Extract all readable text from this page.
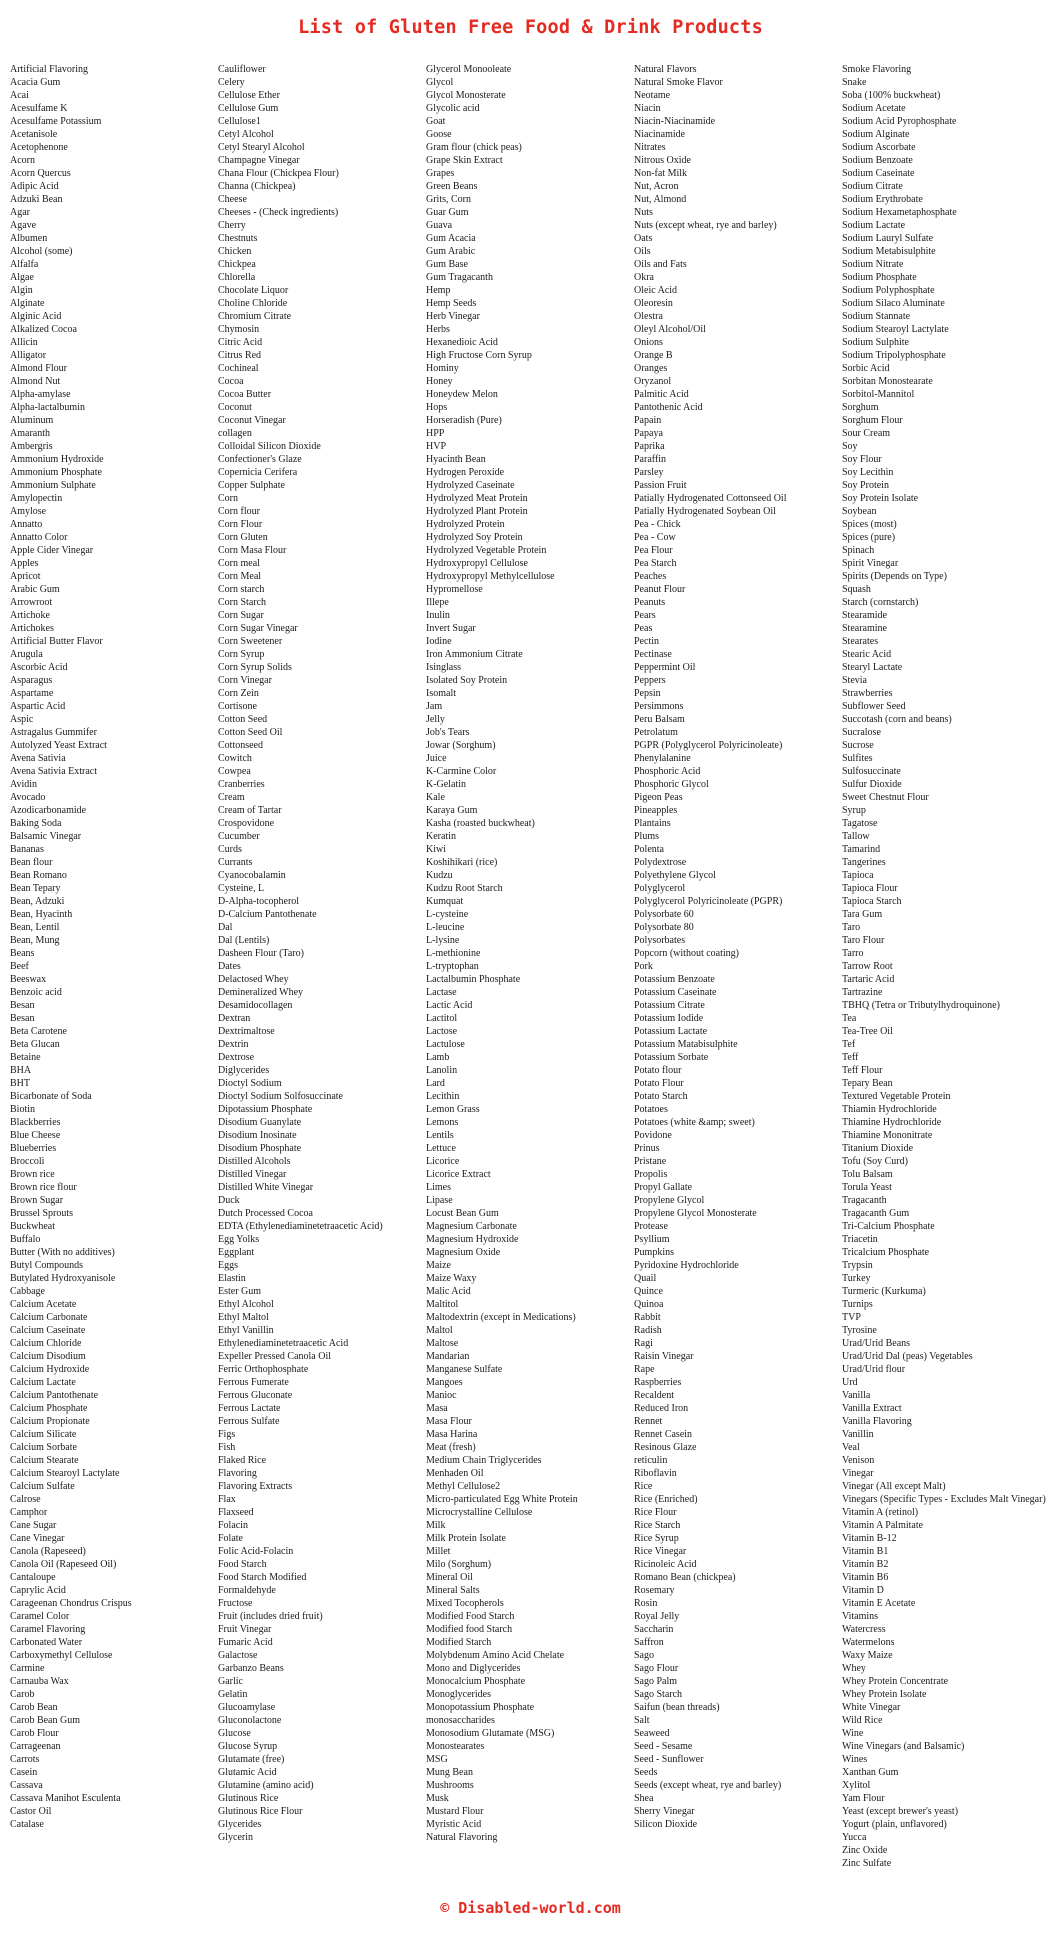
List of Gluten Free Food & Drink Products
Artificial Flavoring
Acacia Gum
Acai
Acesulfame K
Acesulfame Potassium
Acetanisole
Acetophenone
Acorn
Acorn Quercus
Adipic Acid
Adzuki Bean
Agar
Agave
Albumen
Alcohol (some)
Alfalfa
Algae
Algin
Alginate
Alginic Acid
Alkalized Cocoa
Allicin
Alligator
Almond Flour
Almond Nut
Alpha-amylase
Alpha-lactalbumin
Aluminum
Amaranth
Ambergris
Ammonium Hydroxide
Ammonium Phosphate
Ammonium Sulphate
Amylopectin
Amylose
Annatto
Annatto Color
Apple Cider Vinegar
Apples
Apricot
Arabic Gum
Arrowroot
Artichoke
Artichokes
Artificial Butter Flavor
Arugula
Ascorbic Acid
Asparagus
Aspartame
Aspartic Acid
Aspic
Astragalus Gummifer
Autolyzed Yeast Extract
Avena Sativia
Avena Sativia Extract
Avidin
Avocado
Azodicarbonamide
Baking Soda
Balsamic Vinegar
Bananas
Bean flour
Bean Romano
Bean Tepary
Bean, Adzuki
Bean, Hyacinth
Bean, Lentil
Bean, Mung
Beans
Beef
Beeswax
Benzoic acid
Besan
Besan
Beta Carotene
Beta Glucan
Betaine
BHA
BHT
Bicarbonate of Soda
Biotin
Blackberries
Blue Cheese
Blueberries
Broccoli
Brown rice
Brown rice flour
Brown Sugar
Brussel Sprouts
Buckwheat
Buffalo
Butter (With no additives)
Butyl Compounds
Butylated Hydroxyanisole
Cabbage
Calcium Acetate
Calcium Carbonate
Calcium Caseinate
Calcium Chloride
Calcium Disodium
Calcium Hydroxide
Calcium Lactate
Calcium Pantothenate
Calcium Phosphate
Calcium Propionate
Calcium Silicate
Calcium Sorbate
Calcium Stearate
Calcium Stearoyl Lactylate
Calcium Sulfate
Calrose
Camphor
Cane Sugar
Cane Vinegar
Canola (Rapeseed)
Canola Oil (Rapeseed Oil)
Cantaloupe
Caprylic Acid
Carageenan Chondrus Crispus
Caramel Color
Caramel Flavoring
Carbonated Water
Carboxymethyl Cellulose
Carmine
Carnauba Wax
Carob
Carob Bean
Carob Bean Gum
Carob Flour
Carrageenan
Carrots
Casein
Cassava
Cassava Manihot Esculenta
Castor Oil
Catalase
Cauliflower
Celery
Cellulose Ether
Cellulose Gum
Cellulose1
Cetyl Alcohol
Cetyl Stearyl Alcohol
Champagne Vinegar
Chana Flour (Chickpea Flour)
Channa (Chickpea)
Cheese
Cheeses - (Check ingredients)
Cherry
Chestnuts
Chicken
Chickpea
Chlorella
Chocolate Liquor
Choline Chloride
Chromium Citrate
Chymosin
Citric Acid
Citrus Red
Cochineal
Cocoa
Cocoa Butter
Coconut
Coconut Vinegar
collagen
Colloidal Silicon Dioxide
Confectioner's Glaze
Copernicia Cerifera
Copper Sulphate
Corn
Corn flour
Corn Flour
Corn Gluten
Corn Masa Flour
Corn meal
Corn Meal
Corn starch
Corn Starch
Corn Sugar
Corn Sugar Vinegar
Corn Sweetener
Corn Syrup
Corn Syrup Solids
Corn Vinegar
Corn Zein
Cortisone
Cotton Seed
Cotton Seed Oil
Cottonseed
Cowitch
Cowpea
Cranberries
Cream
Cream of Tartar
Crospovidone
Cucumber
Curds
Currants
Cyanocobalamin
Cysteine, L
D-Alpha-tocopherol
D-Calcium Pantothenate
Dal
Dal (Lentils)
Dasheen Flour (Taro)
Dates
Delactosed Whey
Demineralized Whey
Desamidocollagen
Dextran
Dextrimaltose
Dextrin
Dextrose
Diglycerides
Dioctyl Sodium
Dioctyl Sodium Solfosuccinate
Dipotassium Phosphate
Disodium Guanylate
Disodium Inosinate
Disodium Phosphate
Distilled Alcohols
Distilled Vinegar
Distilled White Vinegar
Duck
Dutch Processed Cocoa
EDTA (Ethylenediaminetetraacetic Acid)
Egg Yolks
Eggplant
Eggs
Elastin
Ester Gum
Ethyl Alcohol
Ethyl Maltol
Ethyl Vanillin
Ethylenediaminetetraacetic Acid
Expeller Pressed Canola Oil
Ferric Orthophosphate
Ferrous Fumerate
Ferrous Gluconate
Ferrous Lactate
Ferrous Sulfate
Figs
Fish
Flaked Rice
Flavoring
Flavoring Extracts
Flax
Flaxseed
Folacin
Folate
Folic Acid-Folacin
Food Starch
Food Starch Modified
Formaldehyde
Fructose
Fruit (includes dried fruit)
Fruit Vinegar
Fumaric Acid
Galactose
Garbanzo Beans
Garlic
Gelatin
Glucoamylase
Gluconolactone
Glucose
Glucose Syrup
Glutamate (free)
Glutamic Acid
Glutamine (amino acid)
Glutinous Rice
Glutinous Rice Flour
Glycerides
Glycerin
Glycerol Monooleate
Glycol
Glycol Monosterate
Glycolic acid
Goat
Goose
Gram flour (chick peas)
Grape Skin Extract
Grapes
Green Beans
Grits, Corn
Guar Gum
Guava
Gum Acacia
Gum Arabic
Gum Base
Gum Tragacanth
Hemp
Hemp Seeds
Herb Vinegar
Herbs
Hexanedioic Acid
High Fructose Corn Syrup
Hominy
Honey
Honeydew Melon
Hops
Horseradish (Pure)
HPP
HVP
Hyacinth Bean
Hydrogen Peroxide
Hydrolyzed Caseinate
Hydrolyzed Meat Protein
Hydrolyzed Plant Protein
Hydrolyzed Protein
Hydrolyzed Soy Protein
Hydrolyzed Vegetable Protein
Hydroxypropyl Cellulose
Hydroxypropyl Methylcellulose
Hypromellose
Illepe
Inulin
Invert Sugar
Iodine
Iron Ammonium Citrate
Isinglass
Isolated Soy Protein
Isomalt
Jam
Jelly
Job's Tears
Jowar (Sorghum)
Juice
K-Carmine Color
K-Gelatin
Kale
Karaya Gum
Kasha (roasted buckwheat)
Keratin
Kiwi
Koshihikari (rice)
Kudzu
Kudzu Root Starch
Kumquat
L-cysteine
L-leucine
L-lysine
L-methionine
L-tryptophan
Lactalbumin Phosphate
Lactase
Lactic Acid
Lactitol
Lactose
Lactulose
Lamb
Lanolin
Lard
Lecithin
Lemon Grass
Lemons
Lentils
Lettuce
Licorice
Licorice Extract
Limes
Lipase
Locust Bean Gum
Magnesium Carbonate
Magnesium Hydroxide
Magnesium Oxide
Maize
Maize Waxy
Malic Acid
Maltitol
Maltodextrin (except in Medications)
Maltol
Maltose
Mandarian
Manganese Sulfate
Mangoes
Manioc
Masa
Masa Flour
Masa Harina
Meat (fresh)
Medium Chain Triglycerides
Menhaden Oil
Methyl Cellulose2
Micro-particulated Egg White Protein
Microcrystalline Cellulose
Milk
Milk Protein Isolate
Millet
Milo (Sorghum)
Mineral Oil
Mineral Salts
Mixed Tocopherols
Modified Food Starch
Modified food Starch
Modified Starch
Molybdenum Amino Acid Chelate
Mono and Diglycerides
Monocalcium Phosphate
Monoglycerides
Monopotassium Phosphate
monosaccharides
Monosodium Glutamate (MSG)
Monostearates
MSG
Mung Bean
Mushrooms
Musk
Mustard Flour
Myristic Acid
Natural Flavoring
Natural Flavors
Natural Smoke Flavor
Neotame
Niacin
Niacin-Niacinamide
Niacinamide
Nitrates
Nitrous Oxide
Non-fat Milk
Nut, Acron
Nut, Almond
Nuts
Nuts (except wheat, rye and barley)
Oats
Oils
Oils and Fats
Okra
Oleic Acid
Oleoresin
Olestra
Oleyl Alcohol/Oil
Onions
Orange B
Oranges
Oryzanol
Palmitic Acid
Pantothenic Acid
Papain
Papaya
Paprika
Paraffin
Parsley
Passion Fruit
Patially Hydrogenated Cottonseed Oil
Patially Hydrogenated Soybean Oil
Pea - Chick
Pea - Cow
Pea Flour
Pea Starch
Peaches
Peanut Flour
Peanuts
Pears
Peas
Pectin
Pectinase
Peppermint Oil
Peppers
Pepsin
Persimmons
Peru Balsam
Petrolatum
PGPR (Polyglycerol Polyricinoleate)
Phenylalanine
Phosphoric Acid
Phosphoric Glycol
Pigeon Peas
Pineapples
Plantains
Plums
Polenta
Polydextrose
Polyethylene Glycol
Polyglycerol
Polyglycerol Polyricinoleate (PGPR)
Polysorbate 60
Polysorbate 80
Polysorbates
Popcorn (without coating)
Pork
Potassium Benzoate
Potassium Caseinate
Potassium Citrate
Potassium Iodide
Potassium Lactate
Potassium Matabisulphite
Potassium Sorbate
Potato flour
Potato Flour
Potato Starch
Potatoes
Potatoes (white &amp; sweet)
Povidone
Prinus
Pristane
Propolis
Propyl Gallate
Propylene Glycol
Propylene Glycol Monosterate
Protease
Psyllium
Pumpkins
Pyridoxine Hydrochloride
Quail
Quince
Quinoa
Rabbit
Radish
Ragi
Raisin Vinegar
Rape
Raspberries
Recaldent
Reduced Iron
Rennet
Rennet Casein
Resinous Glaze
reticulin
Riboflavin
Rice
Rice (Enriched)
Rice Flour
Rice Starch
Rice Syrup
Rice Vinegar
Ricinoleic Acid
Romano Bean (chickpea)
Rosemary
Rosin
Royal Jelly
Saccharin
Saffron
Sago
Sago Flour
Sago Palm
Sago Starch
Saifun (bean threads)
Salt
Seaweed
Seed - Sesame
Seed - Sunflower
Seeds
Seeds (except wheat, rye and barley)
Shea
Sherry Vinegar
Silicon Dioxide
Smoke Flavoring
Snake
Soba (100% buckwheat)
Sodium Acetate
Sodium Acid Pyrophosphate
Sodium Alginate
Sodium Ascorbate
Sodium Benzoate
Sodium Caseinate
Sodium Citrate
Sodium Erythrobate
Sodium Hexametaphosphate
Sodium Lactate
Sodium Lauryl Sulfate
Sodium Metabisulphite
Sodium Nitrate
Sodium Phosphate
Sodium Polyphosphate
Sodium Silaco Aluminate
Sodium Stannate
Sodium Stearoyl Lactylate
Sodium Sulphite
Sodium Tripolyphosphate
Sorbic Acid
Sorbitan Monostearate
Sorbitol-Mannitol
Sorghum
Sorghum Flour
Sour Cream
Soy
Soy Flour
Soy Lecithin
Soy Protein
Soy Protein Isolate
Soybean
Spices (most)
Spices (pure)
Spinach
Spirit Vinegar
Spirits (Depends on Type)
Squash
Starch (cornstarch)
Stearamide
Stearamine
Stearates
Stearic Acid
Stearyl Lactate
Stevia
Strawberries
Subflower Seed
Succotash (corn and beans)
Sucralose
Sucrose
Sulfites
Sulfosuccinate
Sulfur Dioxide
Sweet Chestnut Flour
Syrup
Tagatose
Tallow
Tamarind
Tangerines
Tapioca
Tapioca Flour
Tapioca Starch
Tara Gum
Taro
Taro Flour
Tarro
Tarrow Root
Tartaric Acid
Tartrazine
TBHQ (Tetra or Tributylhydroquinone)
Tea
Tea-Tree Oil
Tef
Teff
Teff Flour
Tepary Bean
Textured Vegetable Protein
Thiamin Hydrochloride
Thiamine Hydrochloride
Thiamine Mononitrate
Titanium Dioxide
Tofu (Soy Curd)
Tolu Balsam
Torula Yeast
Tragacanth
Tragacanth Gum
Tri-Calcium Phosphate
Triacetin
Tricalcium Phosphate
Trypsin
Turkey
Turmeric (Kurkuma)
Turnips
TVP
Tyrosine
Urad/Urid Beans
Urad/Urid Dal (peas) Vegetables
Urad/Urid flour
Urd
Vanilla
Vanilla Extract
Vanilla Flavoring
Vanillin
Veal
Venison
Vinegar
Vinegar (All except Malt)
Vinegars (Specific Types - Excludes Malt Vinegar)
Vitamin A (retinol)
Vitamin A Palmitate
Vitamin B-12
Vitamin B1
Vitamin B2
Vitamin B6
Vitamin D
Vitamin E Acetate
Vitamins
Watercress
Watermelons
Waxy Maize
Whey
Whey Protein Concentrate
Whey Protein Isolate
White Vinegar
Wild Rice
Wine
Wine Vinegars (and Balsamic)
Wines
Xanthan Gum
Xylitol
Yam Flour
Yeast (except brewer's yeast)
Yogurt (plain, unflavored)
Yucca
Zinc Oxide
Zinc Sulfate
© Disabled-world.com
